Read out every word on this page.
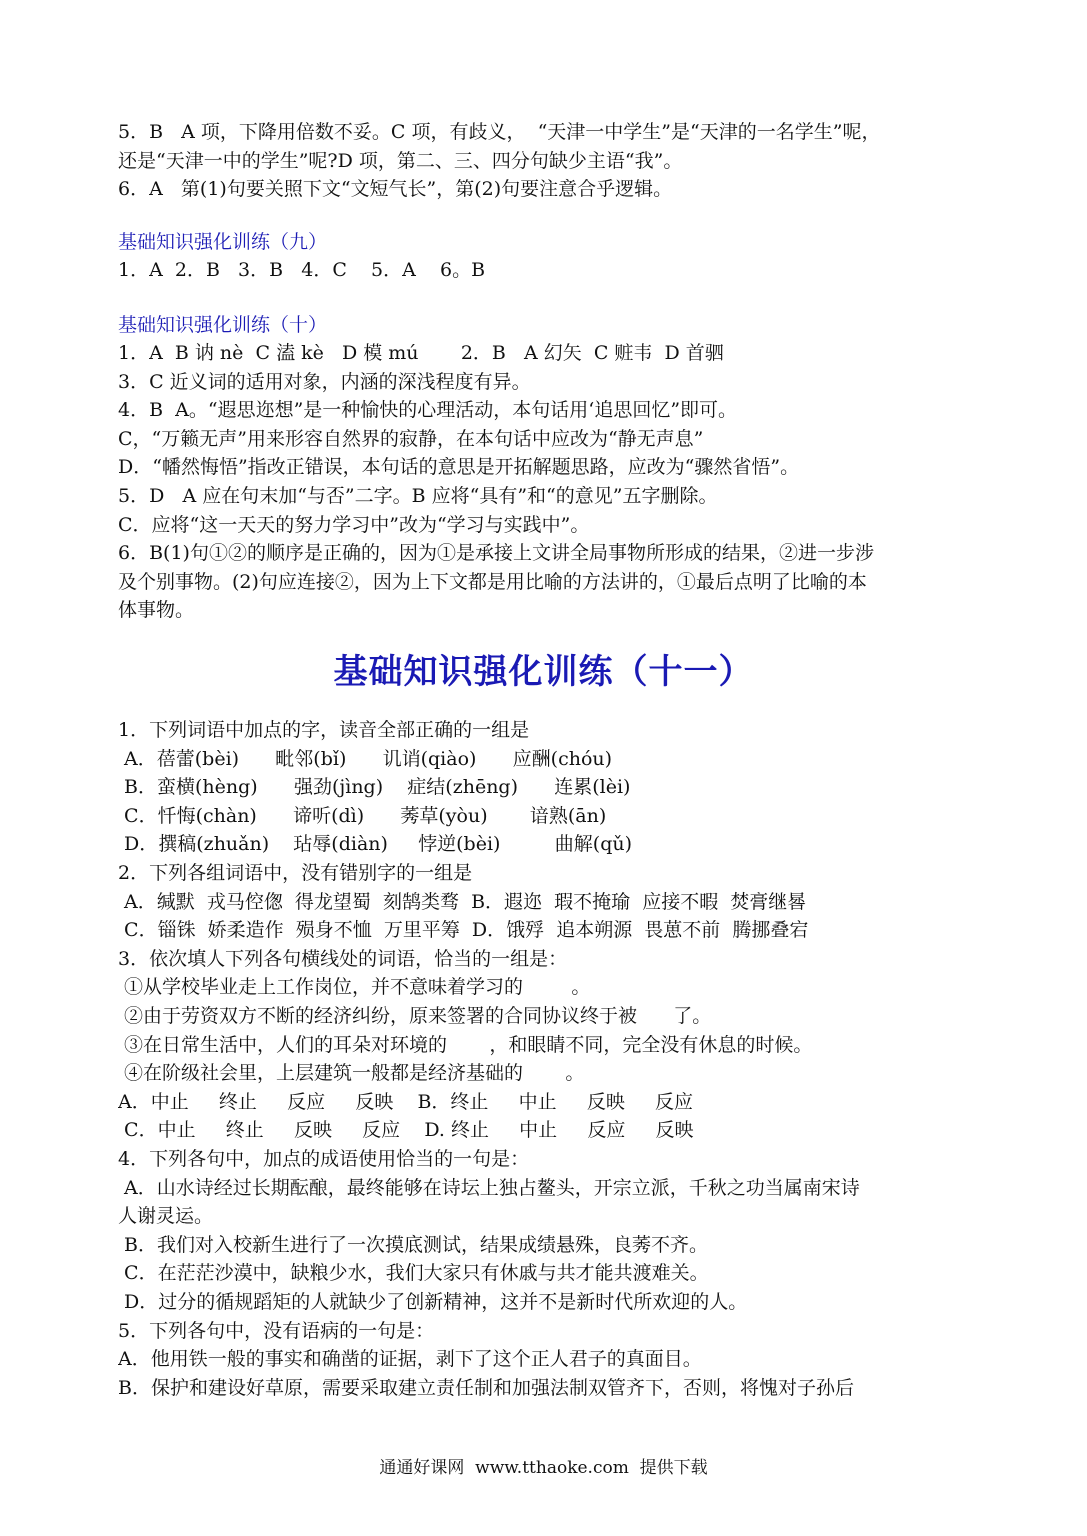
5．B   A 项，下降用倍数不妥。C 项，有歧义，  “天津一中学生”是“天津的一名学生”呢，
还是“天津一中的学生”呢?D 项，第二、三、四分句缺少主语“我”。
6．A   第(1)句要关照下文“文短气长”，第(2)句要注意合乎逻辑。
基础知识强化训练（九）
1．A  2．B   3．B   4．C    5．A    6。B
基础知识强化训练（十）
1．A  B 讷 nè  C 溘 kè   D 模 mú       2．B   A 幻矢  C 赃韦  D 首驷
3．C 近义词的适用对象，内涵的深浅程度有异。
4．B  A。“遐思迩想”是一种愉快的心理活动，本句话用‘追思回忆”即可。
C，“万籁无声”用来形容自然界的寂静，在本句话中应改为“静无声息”
D．“幡然悔悟”指改正错误，本句话的意思是开拓解题思路，应改为“骤然省悟”。
5．D   A 应在句末加“与否”二字。B 应将“具有”和“的意见”五字删除。
C．应将“这一天天的努力学习中”改为“学习与实践中”。
6．B(1)句①②的顺序是正确的，因为①是承接上文讲全局事物所形成的结果，②进一步涉
及个别事物。(2)句应连接②，因为上下文都是用比喻的方法讲的，①最后点明了比喻的本
体事物。
基础知识强化训练（十一）
1．下列词语中加点的字，读音全部正确的一组是
A．蓓蕾(bèi)      毗邻(bǐ)      讥诮(qiào)      应酬(chóu)
B．蛮横(hèng)      强劲(jìng)    症结(zhēng)      连累(lèi)
C．忏悔(chàn)      谛听(dì)      莠草(yòu)       谙熟(ān)
D．撰稿(zhuǎn)    玷辱(diàn)     悖逆(bèi)         曲解(qǔ)
2．下列各组词语中，没有错别字的一组是
A．缄默  戎马倥偬  得龙望蜀  刻鹄类骛  B．遐迩  瑕不掩瑜  应接不暇  焚膏继晷
C．锱铢  娇柔造作  殒身不恤  万里平筹  D．饿殍  追本朔源  畏葸不前  腾挪叠宕
3．依次填人下列各句横线处的词语，恰当的一组是：
①从学校毕业走上工作岗位，并不意味着学习的        。
②由于劳资双方不断的经济纠纷，原来签署的合同协议终于被      了。
③在日常生活中，人们的耳朵对环境的       ，和眼睛不同，完全没有休息的时候。
④在阶级社会里，上层建筑一般都是经济基础的       。
A．中止     终止     反应     反映    B．终止     中止     反映     反应
C．中止     终止     反映     反应    D. 终止     中止     反应     反映
4．下列各句中，加点的成语使用恰当的一句是：
A．山水诗经过长期酝酿，最终能够在诗坛上独占鳌头，开宗立派，千秋之功当属南宋诗
人谢灵运。
B．我们对入校新生进行了一次摸底测试，结果成绩悬殊，良莠不齐。
C．在茫茫沙漠中，缺粮少水，我们大家只有休戚与共才能共渡难关。
D．过分的循规蹈矩的人就缺少了创新精神，这并不是新时代所欢迎的人。
5．下列各句中，没有语病的一句是：
A．他用铁一般的事实和确凿的证据，剥下了这个正人君子的真面目。
B．保护和建设好草原，需要采取建立责任制和加强法制双管齐下，否则，将愧对子孙后
通通好课网  www.tthaoke.com  提供下载
